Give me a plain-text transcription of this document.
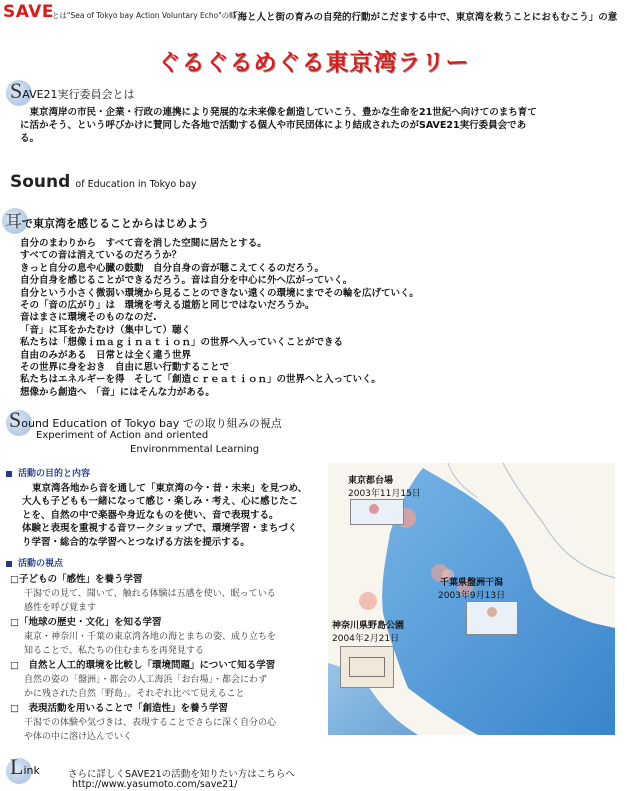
SAVE
とは"Sea of Tokyo bay Action Voluntary Echo"の略
「海と人と街の育みの自発的行動がこだまする中で、東京湾を救うことにおもむこう」の意
ぐるぐるめぐる東京湾ラリー
SAVE21実行委員会とは
東京湾岸の市民・企業・行政の連携により発展的な未来像を創造していこう、豊かな生命を21世紀へ向けてのまち育てに活かそう、という呼びかけに賛同した各地で活動する個人や市民団体により結成されたのがSAVE21実行委員会である。
Sound of Education in Tokyo bay
耳で東京湾を感じることからはじめよう
自分のまわりから　すべて音を消した空間に居たとする。
すべての音は消えているのだろうか？
きっと自分の息や心臓の鼓動　自分自身の音が聴こえてくるのだろう。
自分自身を感じることができるだろう。音は自分を中心に外へ広がっていく。
自分という小さく微弱い環境から見ることのできない遠くの環境にまでその輪を広げていく。
その「音の広がり」は　環境を考える道筋と同じではないだろうか。
音はまさに環境そのものなのだ.
「音」に耳をかたむけ（集中して）聴く
私たちは「想像ｉｍａｇｉｎａｔｉｏｎ」の世界へ入っていくことができる
自由のみがある　日常とは全く違う世界
その世界に身をおき　自由に思い行動することで
私たちはエネルギーを得　そして「創造ｃｒｅａｔｉｏｎ」の世界へと入っていく。
想像から創造へ　「音」にはそんな力がある。
Sound Education of Tokyo bay での取り組みの視点
Experiment of Action and oriented
Environmmental Learning
活動の目的と内容
東京湾各地から音を通して「東京湾の今・昔・未来」を見つめ、
大人も子どもも一緒になって感じ・楽しみ・考え、心に感じたこ
とを、自然の中で楽器や身近なものを使い、音で表現する。
体験と表現を重視する音ワークショップで、環境学習・まちづく
り学習・総合的な学習へとつなげる方法を提示する。
活動の視点
□子どもの「感性」を養う学習
干潟での見て、聞いて、触れる体験は五感を使い、眠っている
感性を呼び覚ます
□「地球の歴史・文化」を知る学習
東京・神奈川・千葉の東京湾各地の海とまちの姿、成り立ちを
知ることで、私たちの住むまちを再発見する
□　自然と人工的環境を比較し「環境問題」について知る学習
自然の姿の「盤洲」・都会の人工海浜「お台場」・都会にわず
かに残された自然「野島」。それぞれ比べて見えること
□　表現活動を用いることで「創造性」を養う学習
干潟での体験や気づきは、表現することでさらに深く自分の心
や体の中に溶け込んでいく
東京都台場
2003年11月15日
千葉県盤洲干潟
2003年9月13日
神奈川県野島公園
2004年2月21日
Link	さらに詳しくSAVE21の活動を知りたい方はこちらへ
http://www.yasumoto.com/save21/
